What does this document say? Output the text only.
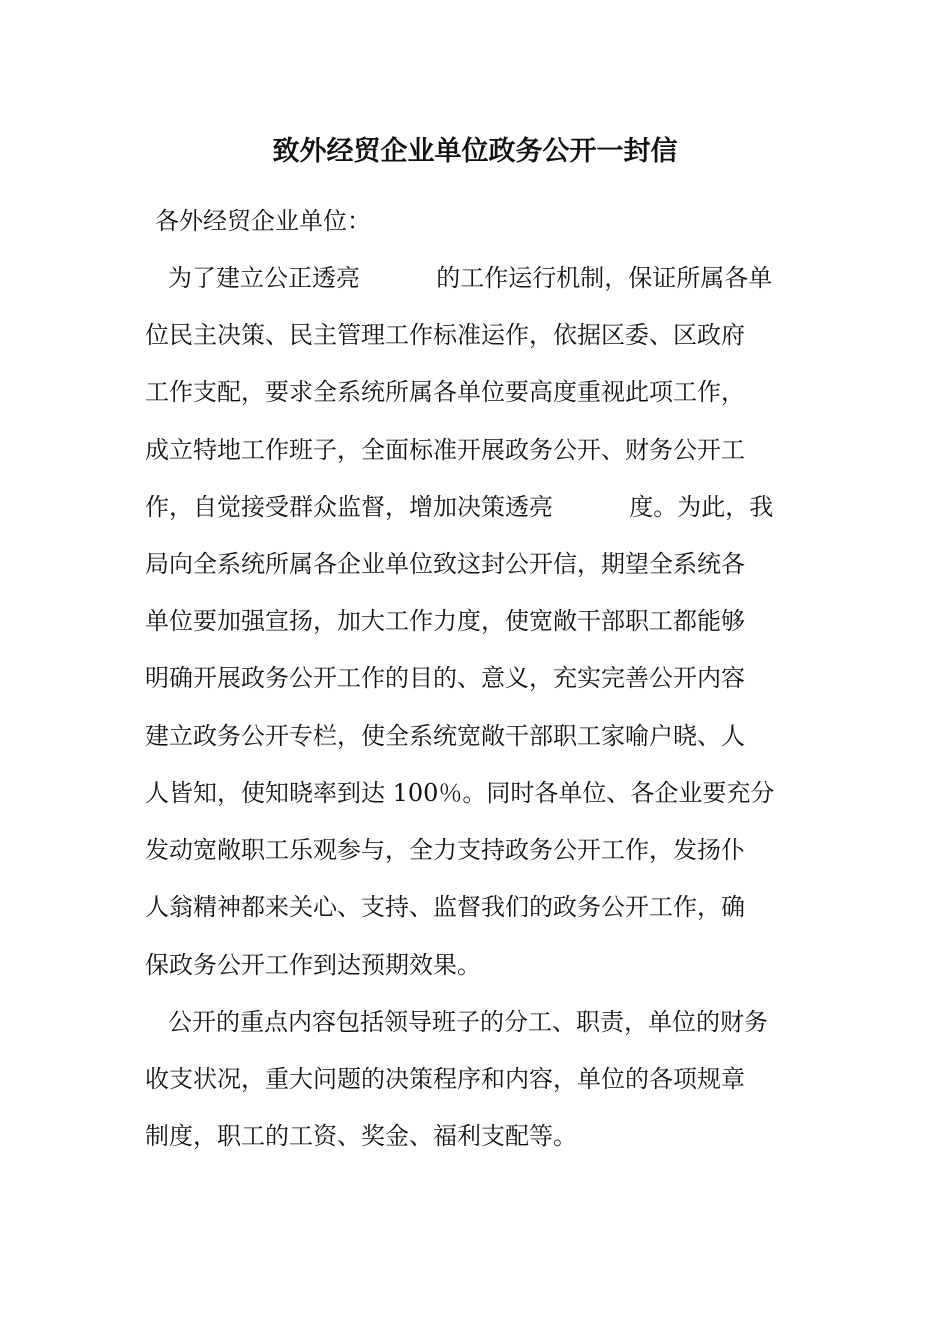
致外经贸企业单位政务公开一封信

各外经贸企业单位：

为了建立公正透亮          的工作运行机制，保证所属各单

位民主决策、民主管理工作标准运作，依据区委、区政府

工作支配，要求全系统所属各单位要高度重视此项工作，

成立特地工作班子，全面标准开展政务公开、财务公开工

作，自觉接受群众监督，增加决策透亮          度。为此，我

局向全系统所属各企业单位致这封公开信，期望全系统各

单位要加强宣扬，加大工作力度，使宽敞干部职工都能够

明确开展政务公开工作的目的、意义，充实完善公开内容

建立政务公开专栏，使全系统宽敞干部职工家喻户晓、人

人皆知，使知晓率到达 100％。同时各单位、各企业要充分

发动宽敞职工乐观参与，全力支持政务公开工作，发扬仆

人翁精神都来关心、支持、监督我们的政务公开工作，确

保政务公开工作到达预期效果。

公开的重点内容包括领导班子的分工、职责，单位的财务

收支状况，重大问题的决策程序和内容，单位的各项规章

制度，职工的工资、奖金、福利支配等。
